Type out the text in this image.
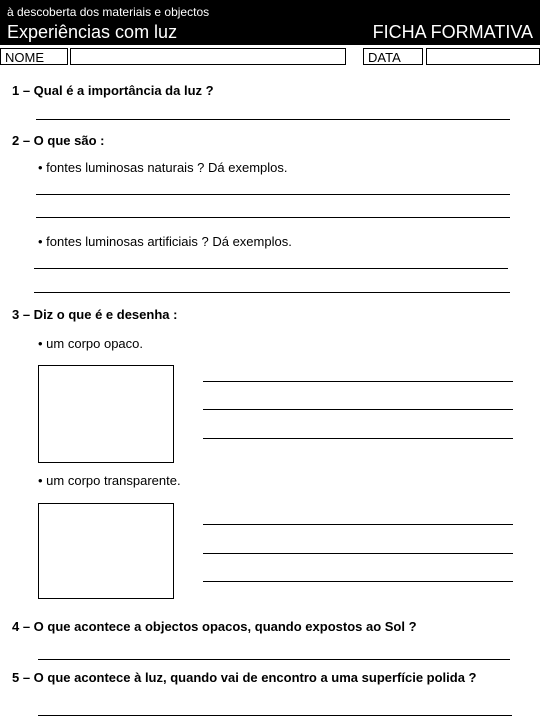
à descoberta dos materiais e objectos
Experiências com luz	FICHA FORMATIVA
NOME	DATA
1 – Qual é a importância da luz ?
2 – O que são :
• fontes luminosas naturais ? Dá exemplos.
• fontes luminosas artificiais ? Dá exemplos.
3 – Diz o que é e desenha :
• um corpo opaco.
• um corpo transparente.
4 – O que acontece a objectos opacos, quando expostos ao Sol ?
5 – O que acontece à luz, quando vai de encontro a uma superfície polida ?
